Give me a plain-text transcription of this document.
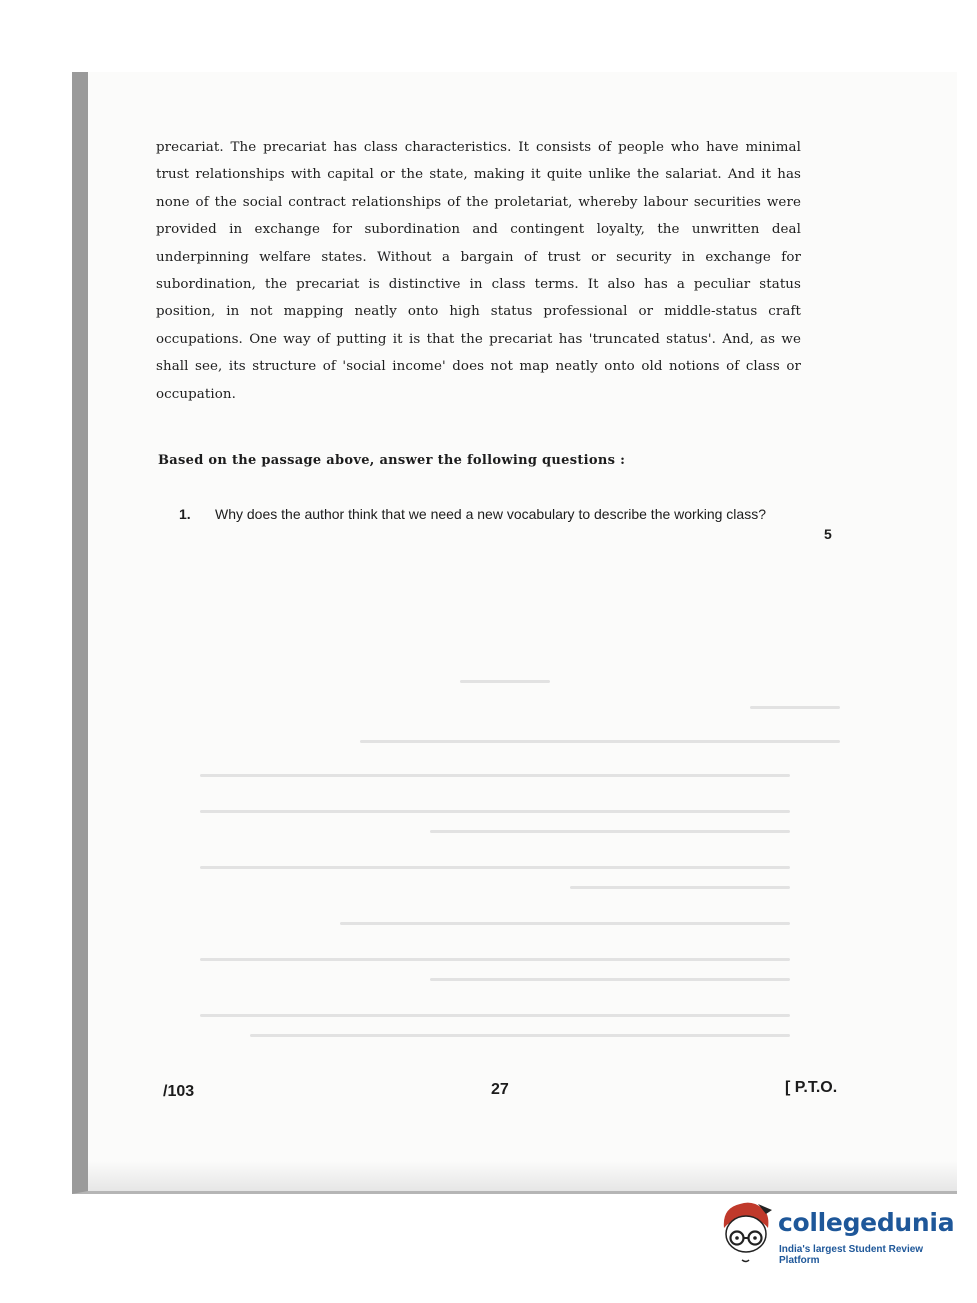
precariat. The precariat has class characteristics. It consists of people who have minimal trust relationships with capital or the state, making it quite unlike the salariat. And it has none of the social contract relationships of the proletariat, whereby labour securities were provided in exchange for subordination and contingent loyalty, the unwritten deal underpinning welfare states. Without a bargain of trust or security in exchange for subordination, the precariat is distinctive in class terms. It also has a peculiar status position, in not mapping neatly onto high status professional or middle-status craft occupations. One way of putting it is that the precariat has 'truncated status'. And, as we shall see, its structure of 'social income' does not map neatly onto old notions of class or occupation.

Based on the passage above, answer the following questions :
1. Why does the author think that we need a new vocabulary to describe the working class?
5
/103	27	[ P.T.O.
collegedunia
India's largest Student Review Platform
